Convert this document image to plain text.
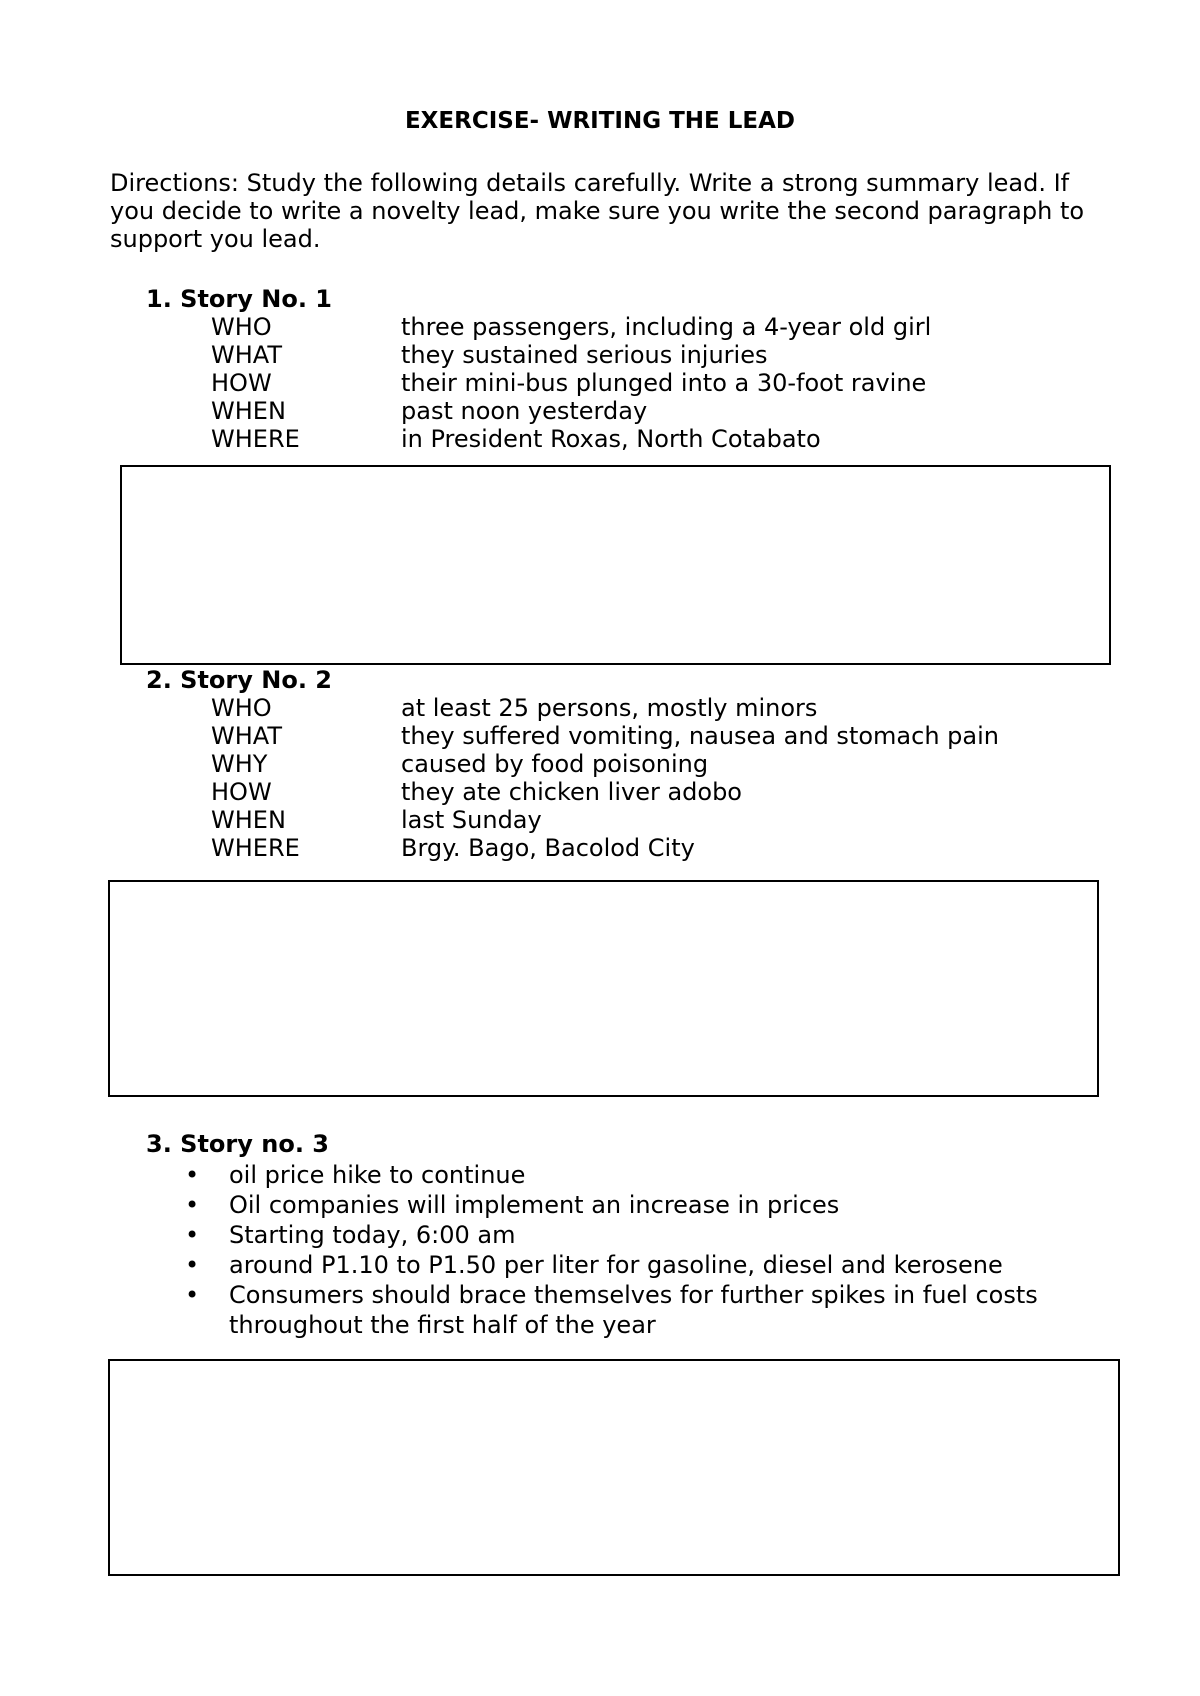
EXERCISE- WRITING THE LEAD
Directions: Study the following details carefully. Write a strong summary lead. If you decide to write a novelty lead, make sure you write the second paragraph to support you lead.
1. Story No. 1
WHO	three passengers, including a 4-year old girl
WHAT	they sustained serious injuries
HOW	their mini-bus plunged into a 30-foot ravine
WHEN	past noon yesterday
WHERE	in President Roxas, North Cotabato
2. Story No. 2
WHO	at least 25 persons, mostly minors
WHAT	they suffered vomiting, nausea and stomach pain
WHY	caused by food poisoning
HOW	they ate chicken liver adobo
WHEN	last Sunday
WHERE	Brgy. Bago, Bacolod City
3. Story no. 3
• oil price hike to continue
• Oil companies will implement an increase in prices
• Starting today, 6:00 am
• around P1.10 to P1.50 per liter for gasoline, diesel and kerosene
• Consumers should brace themselves for further spikes in fuel costs throughout the first half of the year
